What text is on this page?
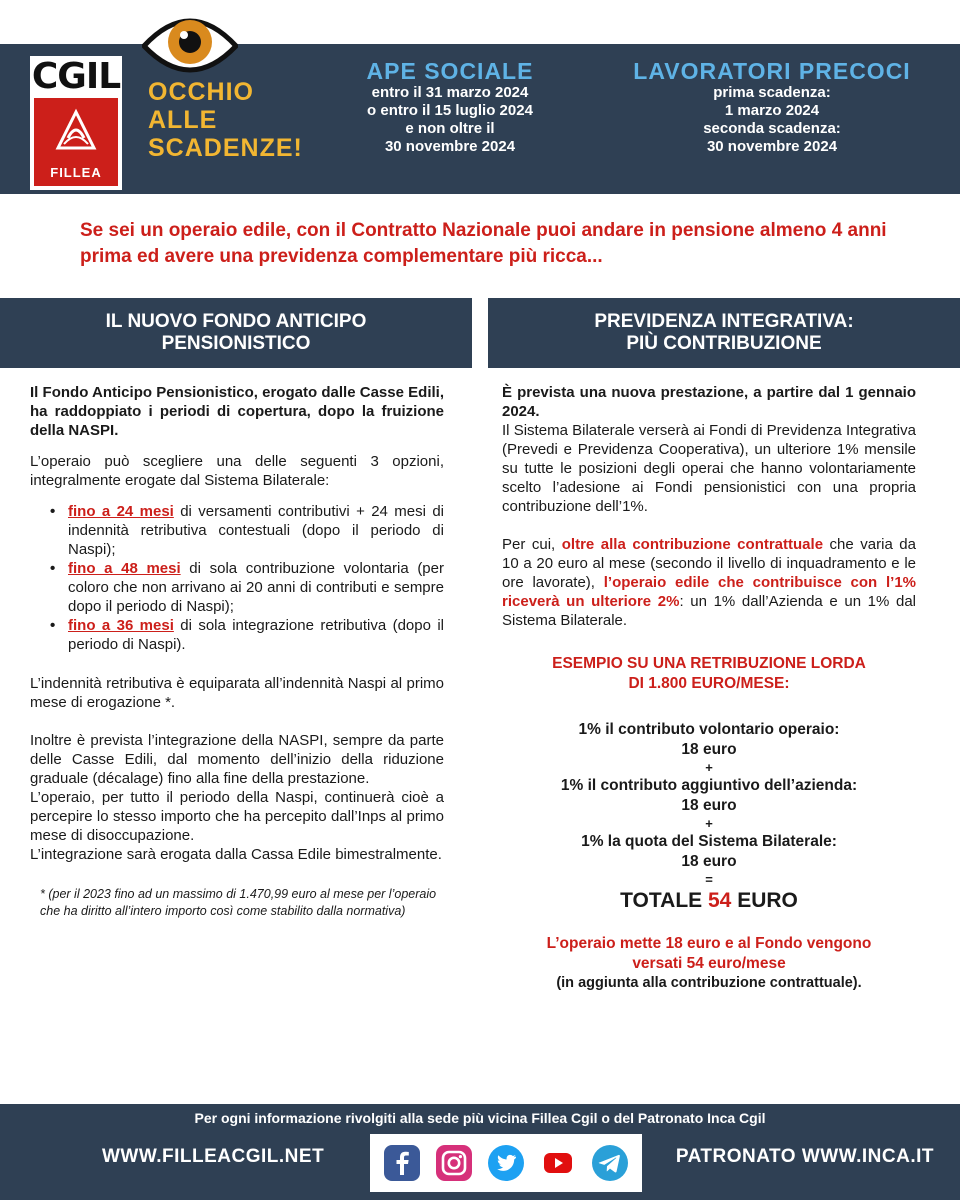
CGIL
FILLEA
OCCHIO
ALLE
SCADENZE!
APE SOCIALE
entro il 31 marzo 2024
o entro il 15 luglio 2024
e non oltre il
30 novembre 2024
LAVORATORI PRECOCI
prima scadenza:
1 marzo 2024
seconda scadenza:
30 novembre 2024
Se sei un operaio edile, con il Contratto Nazionale puoi andare in pensione almeno 4 anni prima ed avere una previdenza complementare più ricca...
IL NUOVO FONDO ANTICIPO
PENSIONISTICO
PREVIDENZA INTEGRATIVA:
PIÙ CONTRIBUZIONE
Il Fondo Anticipo Pensionistico, erogato dalle Casse Edili, ha raddoppiato i periodi di copertura, dopo la fruizione della NASPI.
L’operaio può scegliere una delle seguenti 3 opzioni, integralmente erogate dal Sistema Bilaterale:
• fino a 24 mesi di versamenti contributivi + 24 mesi di indennità retributiva contestuali (dopo il periodo di Naspi);
• fino a 48 mesi di sola contribuzione volontaria (per coloro che non arrivano ai 20 anni di contributi e sempre dopo il periodo di Naspi);
• fino a 36 mesi di sola integrazione retributiva (dopo il periodo di Naspi).
L’indennità retributiva è equiparata all’indennità Naspi al primo mese di erogazione *.
Inoltre è prevista l’integrazione della NASPI, sempre da parte delle Casse Edili, dal momento dell’inizio della riduzione graduale (décalage) fino alla fine della prestazione.
L’operaio, per tutto il periodo della Naspi, continuerà cioè a percepire lo stesso importo che ha percepito dall’Inps al primo mese di disoccupazione.
L’integrazione sarà erogata dalla Cassa Edile bimestralmente.
* (per il 2023 fino ad un massimo di 1.470,99 euro al mese per l’operaio che ha diritto all’intero importo così come stabilito dalla normativa)
È prevista una nuova prestazione, a partire dal 1 gennaio 2024.
Il Sistema Bilaterale verserà ai Fondi di Previdenza Integrativa (Prevedi e Previdenza Cooperativa), un ulteriore 1% mensile su tutte le posizioni degli operai che hanno volontariamente scelto l’adesione ai Fondi pensionistici con una propria contribuzione dell’1%.
Per cui, oltre alla contribuzione contrattuale che varia da 10 a 20 euro al mese (secondo il livello di inquadramento e le ore lavorate), l’operaio edile che contribuisce con l’1% riceverà un ulteriore 2%: un 1% dall’Azienda e un 1% dal Sistema Bilaterale.
ESEMPIO SU UNA RETRIBUZIONE LORDA
DI 1.800 EURO/MESE:
1% il contributo volontario operaio:
18 euro
+
1% il contributo aggiuntivo dell’azienda:
18 euro
+
1% la quota del Sistema Bilaterale:
18 euro
=
TOTALE 54 EURO
L’operaio mette 18 euro e al Fondo vengono
versati 54 euro/mese
(in aggiunta alla contribuzione contrattuale).
Per ogni informazione rivolgiti alla sede più vicina Fillea Cgil o del Patronato Inca Cgil
WWW.FILLEACGIL.NET	PATRONATO WWW.INCA.IT
